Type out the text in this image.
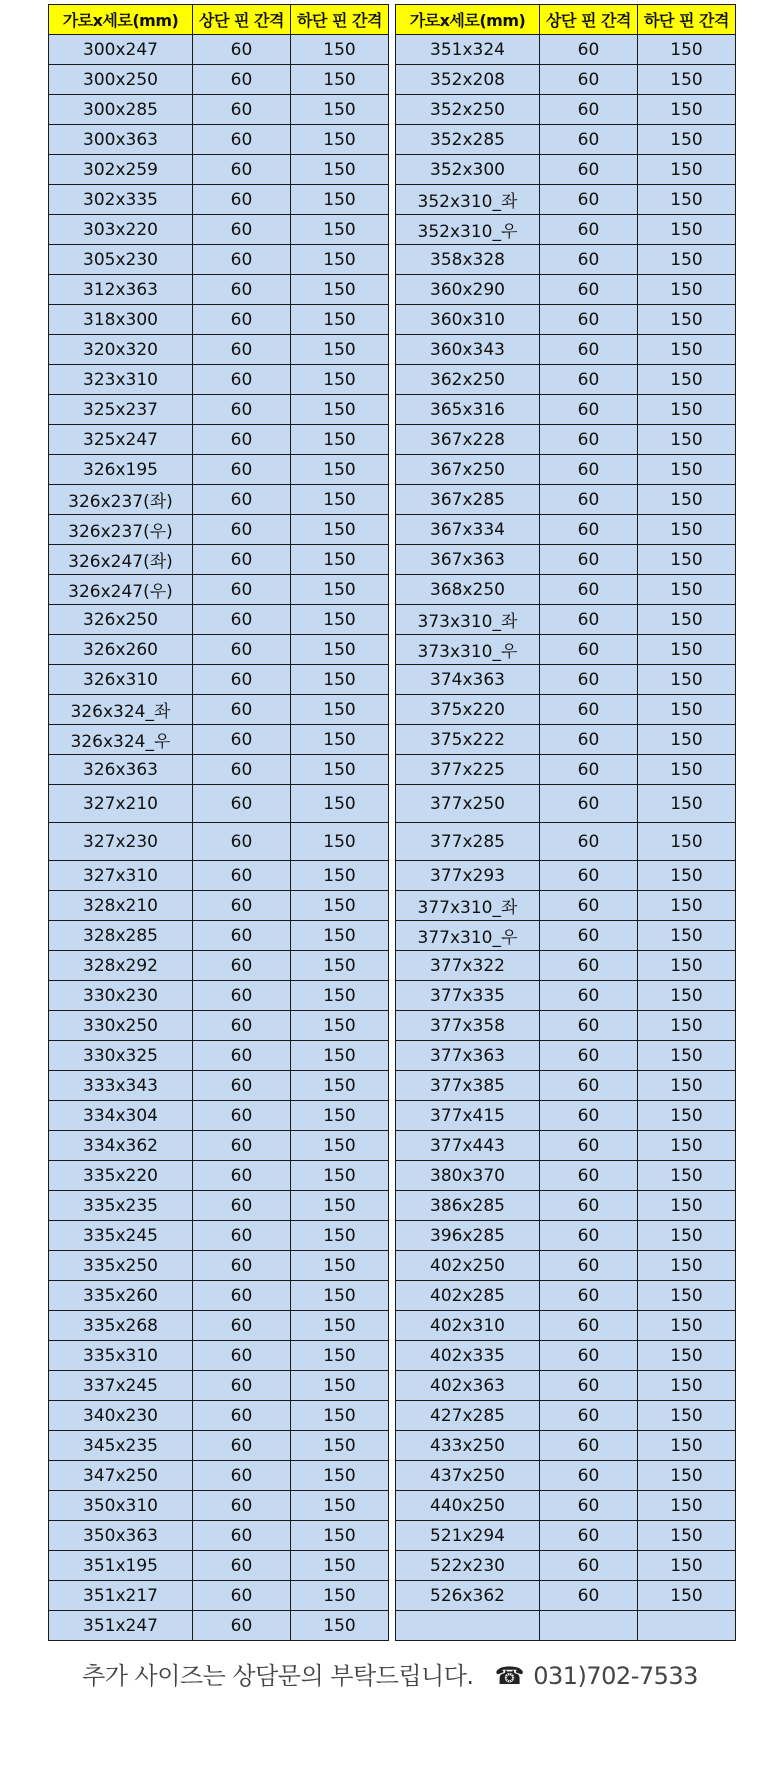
가로x세로(mm)	상단 핀 간격	하단 핀 간격
300x247	60	150
300x250	60	150
300x285	60	150
300x363	60	150
302x259	60	150
302x335	60	150
303x220	60	150
305x230	60	150
312x363	60	150
318x300	60	150
320x320	60	150
323x310	60	150
325x237	60	150
325x247	60	150
326x195	60	150
326x237(좌)	60	150
326x237(우)	60	150
326x247(좌)	60	150
326x247(우)	60	150
326x250	60	150
326x260	60	150
326x310	60	150
326x324_좌	60	150
326x324_우	60	150
326x363	60	150
327x210	60	150
327x230	60	150
327x310	60	150
328x210	60	150
328x285	60	150
328x292	60	150
330x230	60	150
330x250	60	150
330x325	60	150
333x343	60	150
334x304	60	150
334x362	60	150
335x220	60	150
335x235	60	150
335x245	60	150
335x250	60	150
335x260	60	150
335x268	60	150
335x310	60	150
337x245	60	150
340x230	60	150
345x235	60	150
347x250	60	150
350x310	60	150
350x363	60	150
351x195	60	150
351x217	60	150
351x247	60	150
가로x세로(mm)	상단 핀 간격	하단 핀 간격
351x324	60	150
352x208	60	150
352x250	60	150
352x285	60	150
352x300	60	150
352x310_좌	60	150
352x310_우	60	150
358x328	60	150
360x290	60	150
360x310	60	150
360x343	60	150
362x250	60	150
365x316	60	150
367x228	60	150
367x250	60	150
367x285	60	150
367x334	60	150
367x363	60	150
368x250	60	150
373x310_좌	60	150
373x310_우	60	150
374x363	60	150
375x220	60	150
375x222	60	150
377x225	60	150
377x250	60	150
377x285	60	150
377x293	60	150
377x310_좌	60	150
377x310_우	60	150
377x322	60	150
377x335	60	150
377x358	60	150
377x363	60	150
377x385	60	150
377x415	60	150
377x443	60	150
380x370	60	150
386x285	60	150
396x285	60	150
402x250	60	150
402x285	60	150
402x310	60	150
402x335	60	150
402x363	60	150
427x285	60	150
433x250	60	150
437x250	60	150
440x250	60	150
521x294	60	150
522x230	60	150
526x362	60	150

추가 사이즈는 상담문의 부탁드립니다. ☎ 031)702-7533
